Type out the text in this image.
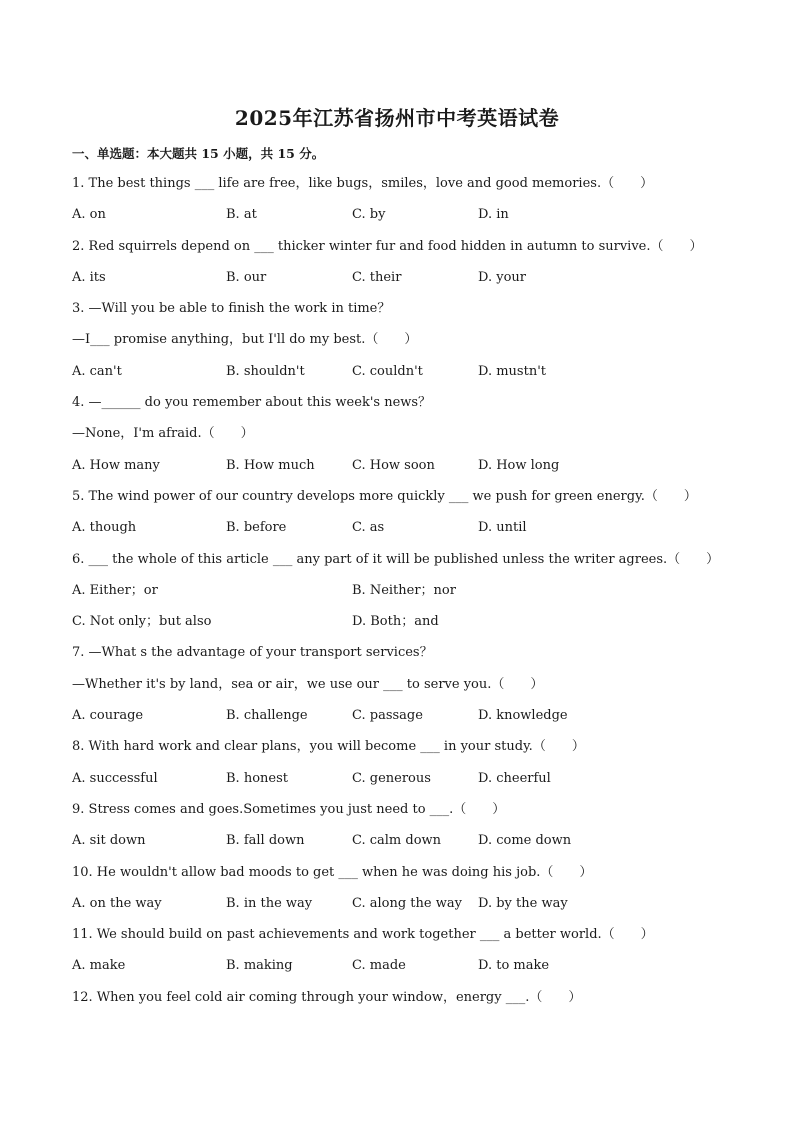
2025年江苏省扬州市中考英语试卷
一、单选题：本大题共 15 小题，共 15 分。
1. The best things ___ life are free，like bugs，smiles，love and good memories.（　　）
A. on	B. at	C. by	D. in
2. Red squirrels depend on ___ thicker winter fur and food hidden in autumn to survive.（　　）
A. its	B. our	C. their	D. your
3. —Will you be able to finish the work in time？
—I___ promise anything，but I'll do my best.（　　）
A. can't	B. shouldn't	C. couldn't	D. mustn't
4. —______ do you remember about this week's news？
—None，I'm afraid.（　　）
A. How many	B. How much	C. How soon	D. How long
5. The wind power of our country develops more quickly ___ we push for green energy.（　　）
A. though	B. before	C. as	D. until
6. ___ the whole of this article ___ any part of it will be published unless the writer agrees.（　　）
A. Either；or	B. Neither；nor
C. Not only；but also	D. Both；and
7. —What s the advantage of your transport services？
—Whether it's by land，sea or air，we use our ___ to serve you.（　　）
A. courage	B. challenge	C. passage	D. knowledge
8. With hard work and clear plans，you will become ___ in your study.（　　）
A. successful	B. honest	C. generous	D. cheerful
9. Stress comes and goes.Sometimes you just need to ___.（　　）
A. sit down	B. fall down	C. calm down	D. come down
10. He wouldn't allow bad moods to get ___ when he was doing his job.（　　）
A. on the way	B. in the way	C. along the way	D. by the way
11. We should build on past achievements and work together ___ a better world.（　　）
A. make	B. making	C. made	D. to make
12. When you feel cold air coming through your window，energy ___.（　　）
